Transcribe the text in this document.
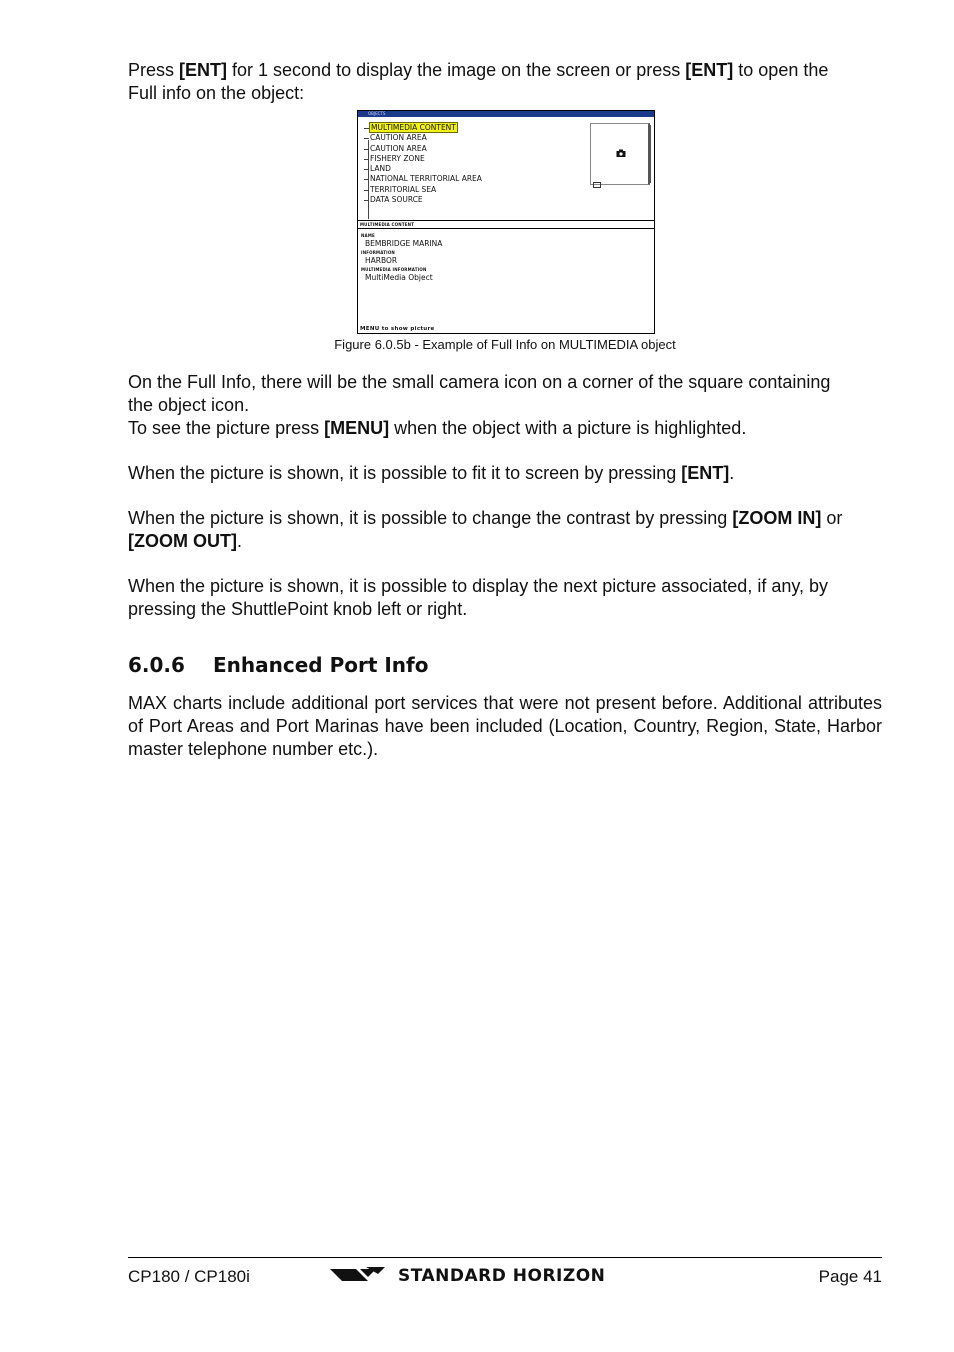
Press [ENT] for 1 second to display the image on the screen or press [ENT] to open the
Full info on the object:

OBJECTS
MULTIMEDIA CONTENT
CAUTION AREA
CAUTION AREA
FISHERY ZONE
LAND
NATIONAL TERRITORIAL AREA
TERRITORIAL SEA
DATA SOURCE
MULTIMEDIA CONTENT
NAME
BEMBRIDGE MARINA
INFORMATION
HARBOR
MULTIMEDIA INFORMATION
MultiMedia Object
MENU to show picture
Figure 6.0.5b - Example of Full Info on MULTIMEDIA object

On the Full Info, there will be the small camera icon on a corner of the square containing
the object icon.
To see the picture press [MENU] when the object with a picture is highlighted.

When the picture is shown, it is possible to fit it to screen by pressing [ENT].

When the picture is shown, it is possible to change the contrast by pressing [ZOOM IN] or
[ZOOM OUT].

When the picture is shown, it is possible to display the next picture associated, if any, by
pressing the ShuttlePoint knob left or right.

6.0.6 Enhanced Port Info

MAX charts include additional port services that were not present before. Additional attributes of Port Areas and Port Marinas have been included (Location, Country, Region, State, Harbor master telephone number etc.).

CP180 / CP180i	STANDARD HORIZON	Page 41
